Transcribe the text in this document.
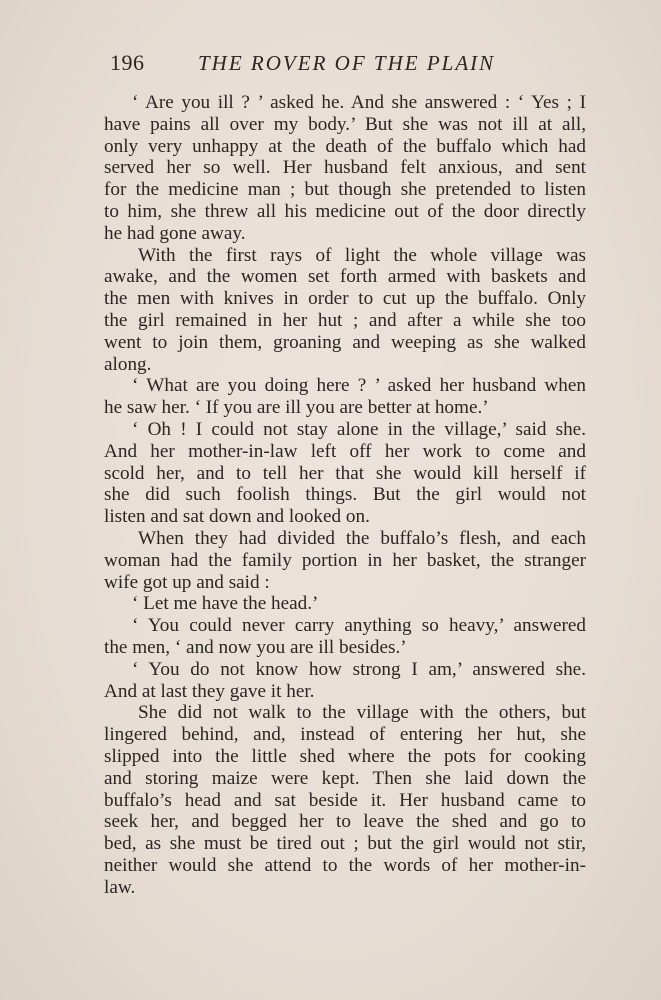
196	THE ROVER OF THE PLAIN
‘ Are you ill ? ’ asked he. And she answered : ‘ Yes ; I
have pains all over my body.’ But she was not ill at all,
only very unhappy at the death of the buffalo which had
served her so well. Her husband felt anxious, and sent
for the medicine man ; but though she pretended to listen
to him, she threw all his medicine out of the door directly
he had gone away.
With the first rays of light the whole village was
awake, and the women set forth armed with baskets and
the men with knives in order to cut up the buffalo. Only
the girl remained in her hut ; and after a while she too
went to join them, groaning and weeping as she walked
along.
‘ What are you doing here ? ’ asked her husband when
he saw her. ‘ If you are ill you are better at home.’
‘ Oh ! I could not stay alone in the village,’ said she.
And her mother-in-law left off her work to come and
scold her, and to tell her that she would kill herself if
she did such foolish things. But the girl would not
listen and sat down and looked on.
When they had divided the buffalo’s flesh, and each
woman had the family portion in her basket, the stranger
wife got up and said :
‘ Let me have the head.’
‘ You could never carry anything so heavy,’ answered
the men, ‘ and now you are ill besides.’
‘ You do not know how strong I am,’ answered she.
And at last they gave it her.
She did not walk to the village with the others, but
lingered behind, and, instead of entering her hut, she
slipped into the little shed where the pots for cooking
and storing maize were kept. Then she laid down the
buffalo’s head and sat beside it. Her husband came to
seek her, and begged her to leave the shed and go to
bed, as she must be tired out ; but the girl would not stir,
neither would she attend to the words of her mother-in-
law.
